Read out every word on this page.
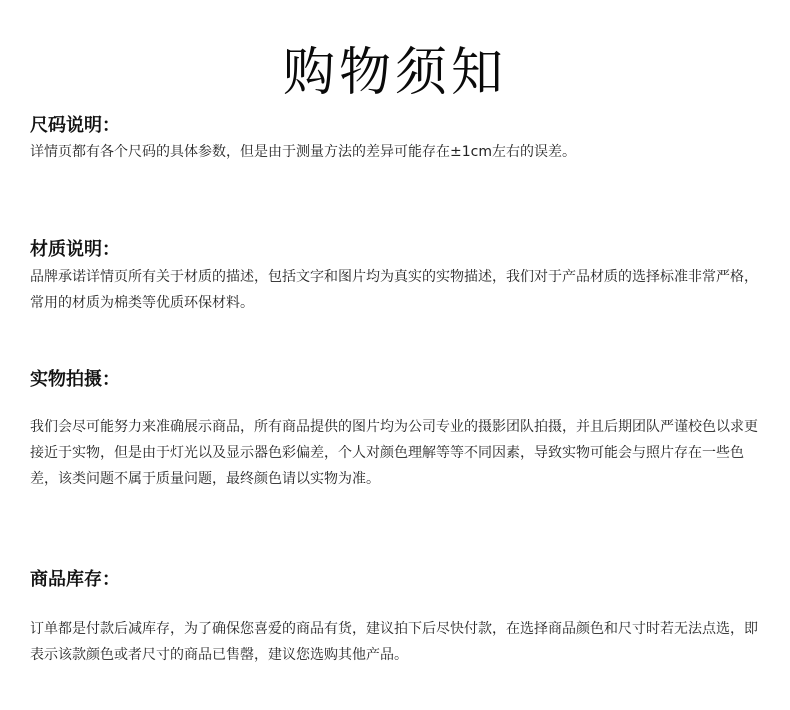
购物须知
尺码说明：

详情页都有各个尺码的具体参数，但是由于测量方法的差异可能存在±1cm左右的误差。

材质说明：

品牌承诺详情页所有关于材质的描述，包括文字和图片均为真实的实物描述，我们对于产品材质的选择标准非常严格，常用的材质为棉类等优质环保材料。

实物拍摄：

我们会尽可能努力来准确展示商品，所有商品提供的图片均为公司专业的摄影团队拍摄，并且后期团队严谨校色以求更接近于实物，但是由于灯光以及显示器色彩偏差，个人对颜色理解等等不同因素，导致实物可能会与照片存在一些色差，该类问题不属于质量问题，最终颜色请以实物为准。

商品库存：

订单都是付款后减库存，为了确保您喜爱的商品有货，建议拍下后尽快付款，在选择商品颜色和尺寸时若无法点选，即表示该款颜色或者尺寸的商品已售罄，建议您选购其他产品。
